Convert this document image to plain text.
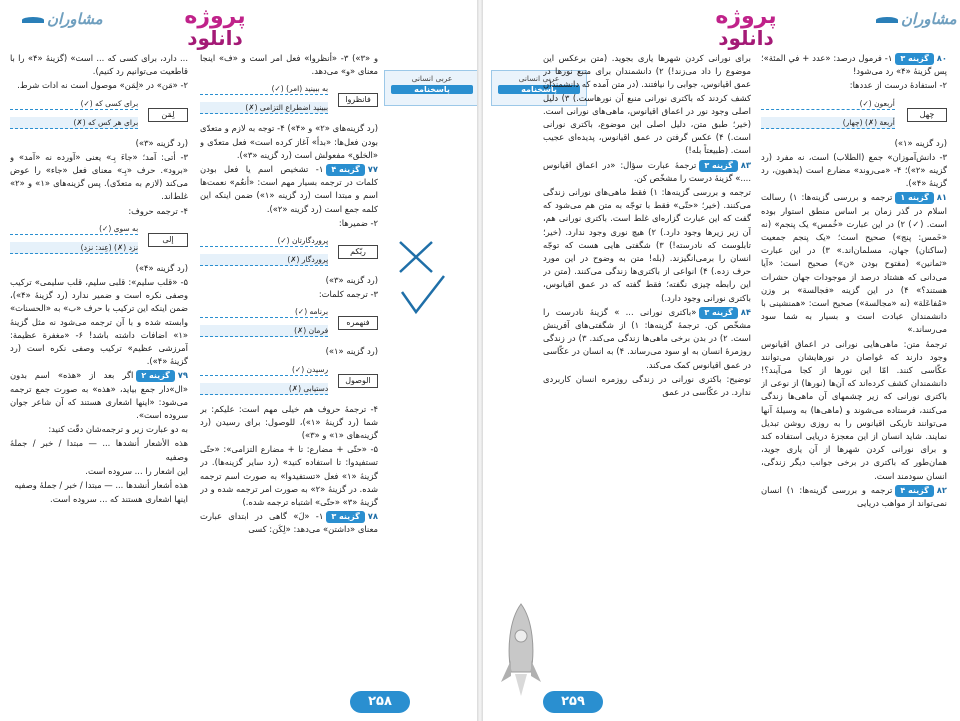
مشاوران	پروژه
دانلود
عربی انسانی
پاسخنامه

و «۳») ۳- «أنظروا» فعل امر است و «ف» اینجا معنای «و» می‌دهد.

فانظروا
به ببینید (امر) (✓)
ببینید اضطراع التزامی (✗)

(رد گزینه‌های «۲» و «۴») ۴- توجه به لازم و متعدّی بودن فعل‌ها: «بدأ» آغاز کرده است» فعل متعدّی و «الخلق» مفعولش است (رد گزینه «۳»).

۷۷گزینه ۴۱- تشخیص اسم یا فعل بودن کلمات در ترجمه بسیار مهم است: «أنعُم» نعمت‌ها اسم و مبتدا است (رد گزینه «۱») ضمن اینکه این کلمه جمع است (رد گزینه «۲»).

۲- ضمیرها:

ربّکم
پروردگارتان (✓)
پروردگار (✗)

(رد گزینه «۳»)

۳- ترجمه کلمات:

فنهمره
برنامه (✓)
فرمان (✗)

(رد گزینه «۱»)

الوصول
رسیدن (✓)
دستیابی (✗)

۴- ترجمهٔ حروف هم خیلی مهم است: علیکم: بر شما (رد گزینهٔ «۱»)، للوصول: برای رسیدن (رد گزینه‌های «۱» و «۳»)

۵- «حتّی + مضارع: تا + مضارع التزامی»: «حتّی تستفیدوا: تا استفاده کنید» (رد سایر گزینه‌ها). در گزینهٔ «۱» فعل «تستفیدوا» به صورت اسم ترجمه شده. در گزینهٔ «۲» به صورت امر ترجمه شده و در گزینهٔ «۳» «حتّی» اشتباه ترجمه شده.)

۷۸گزینه ۳۱- «لَ» گاهی در ابتدای عبارت معنای «داشتن» می‌دهد: «لِکَن: کسی

... دارد، برای کسی که ... است» (گزینهٔ «۴» را با قاطعیت می‌توانیم رد کنیم).

۲- «مَن» در «لِمَن» موصول است نه ادات شرط.

لِمَن
برای کسی که (✓)
برای هر کس که (✗)

(رد گزینه «۳»)

۳- أتی: آمد؛ «جاءَ بِـ» یعنی «آورده نه «آمد» و «برود». حرف «بِـ» معنای فعل «جاء» را عوض می‌کند (لازم به متعدّی). پس گزینه‌های «۱» و «۲» غلط‌اند.

۴- ترجمه حروف:

إلی
به سوی (✓)
نزد (✗) (عِند: نزد)

(رد گزینه «۴»)

۵- «قلب سلیم»: قلبی سلیم، قلب سلیمی» ترکیب وصفی نکره است و ضمیر ندارد (رد گزینهٔ «۴»)، ضمن اینکه این ترکیب با حرف «ب» به «الحسنات» وابسته شده و با آن ترجمه می‌شود نه مثل گزینهٔ «۱» اضافات داشته باشد! ۶- «مغفرة عظیمة: آمرزشی عظیم» ترکیب وصفی نکره است (رد گزینهٔ «۴»).

۷۹گزینه ۲اگر بعد از «هذه» اسم بدون «ال»دار جمع بیاید، «هذه» به صورت جمع ترجمه می‌شود: «اینها اشعاری هستند که آن شاعر جوان سروده است».

به دو عبارت زیر و ترجمه‌شان دقّت کنید:

هذه الأشعار أنشدها ... — مبتدا / خبر / جملهٔ وصفیه

این اشعار را ... سروده است.

هذه أشعار أنشدها ... — مبتدا / خبر / جملهٔ وصفیه

اینها اشعاری هستند که ... سروده است.

۲۵۸
پروژه
دانلود
مشاوران
عربی انسانی
پاسخنامه

۸۰گزینه ۳۱- فرمول درصد: «عدد + في المئة»؛ پس گزینهٔ «۴» رد می‌شود!

۲- استفادهٔ درست از عددها:

چهل
أربعون (✓)
أربعة (✗) (چهار)

(رد گزینه «۱»)

۳- دانش‌آموزان» جمع (الطلاب) است، نه مفرد (رد گزینه «۲»)؛ ۴- «می‌روند» مضارع است (یذهبون، رد گزینهٔ «۴»).

۸۱گزینه ۱ترجمه و بررسی گزینه‌ها: ۱) رسالت اسلام در گذر زمان بر اساس منطق استوار بوده است. (✓) ۲) در این عبارت «خُمس» یک پنجم» (نه «خَمس: پنج») صحیح است؛ «یک پنجم جمعیت (ساکنان) جهان، مسلمان‌اند.» ۳) در این عبارت «ثمانین» (مفتوح بودن «ن») صحیح است: «آیا می‌دانی که هشتاد درصد از موجودات جهان حشرات هستند؟» ۴) در این گزینه «فجالسة» بر وزن «مُفاعَلة» (نه «مجالسة») صحیح است: «همنشینی با دانشمندان عبادت است و بسیار به شما سود می‌رساند.»

ترجمهٔ متن: ماهی‌هایی نورانی در اعماق اقیانوس وجود دارند که غواصان در نورهایشان می‌توانند عکّاسی کنند. امّا این نورها از کجا می‌آیند؟! دانشمندان کشف کرده‌اند که آن‌ها (نورها) از نوعی از باکتری نورانی که زیر چشمهای آن ماهی‌ها زندگی می‌کنند، فرستاده می‌شوند و (ماهی‌ها) به وسیلهٔ آنها می‌توانند تاریکی اقیانوس را به روزی روشن تبدیل نمایند. شاید انسان از این معجزهٔ دریایی استفاده کند و برای نورانی کردن شهرها از آن یاری جوید، همان‌طور که باکتری در برخی جوانب دیگر زندگی، انسان سودمند است.

۸۲گزینه ۴ترجمه و بررسی گزینه‌ها: ۱) انسان نمی‌تواند از مواهب دریایی

برای نورانی کردن شهرها یاری بجوید. (متن برعکس این موضوع را داد می‌زند!) ۲) دانشمندان برای منبع نورها در عمق اقیانوس، جوابی را نیافتند. (در متن آمده که دانشمندان کشف کردند که باکتری نورانی منبع آن نورهاست.) ۳) دلیل اصلی وجود نور در اعماق اقیانوس، ماهی‌های نورانی است. (خیر؛ طبق متن، دلیل اصلی این موضوع، باکتری نورانی است.) ۴) عکس گرفتن در عمق اقیانوس، پدیده‌ای عجیب است. (طبیعتاً بله!)

۸۳گزینه ۳ترجمهٔ عبارت سؤال: «در اعماق اقیانوس ....» گزینهٔ درست را مشخّص کن.

ترجمه و بررسی گزینه‌ها: ۱) فقط ماهی‌های نورانی زندگی می‌کنند. (خیر؛ «حتّی» فقط با توجّه به متن هم می‌شود که گفت که این عبارت گزاره‌ای غلط است. باکتری نورانی هم، آن زیر زیرها وجود دارد.) ۲) هیچ نوری وجود ندارد. (خیر؛ تابلوست که نادرسته!) ۳) شگفتی هایی هست که توجّه انسان را برمی‌انگیزند. (بله! متن به وضوح در این مورد حرف زده.) ۴) انواعی از باکتری‌ها زندگی می‌کنند. (متن در این رابطه چیزی نگفته؛ فقط گفته که در عمق اقیانوس، باکتری نورانی وجود دارد.)

۸۴گزینه ۳«باکتری نورانی ... » گزینهٔ نادرست را مشخّص کن. ترجمهٔ گزینه‌ها: ۱) از شگفتی‌های آفرینش است. ۲) در بدن برخی ماهی‌ها زندگی می‌کند. ۳) در زندگی روزمرهٔ انسان به او سود می‌رساند. ۴) به انسان در عکّاسی در عمق اقیانوس کمک می‌کند.

توضیح: باکتری نورانی در زندگی روزمره انسان کاربردی ندارد. در عکّاسی در عمق

۲۵۹
